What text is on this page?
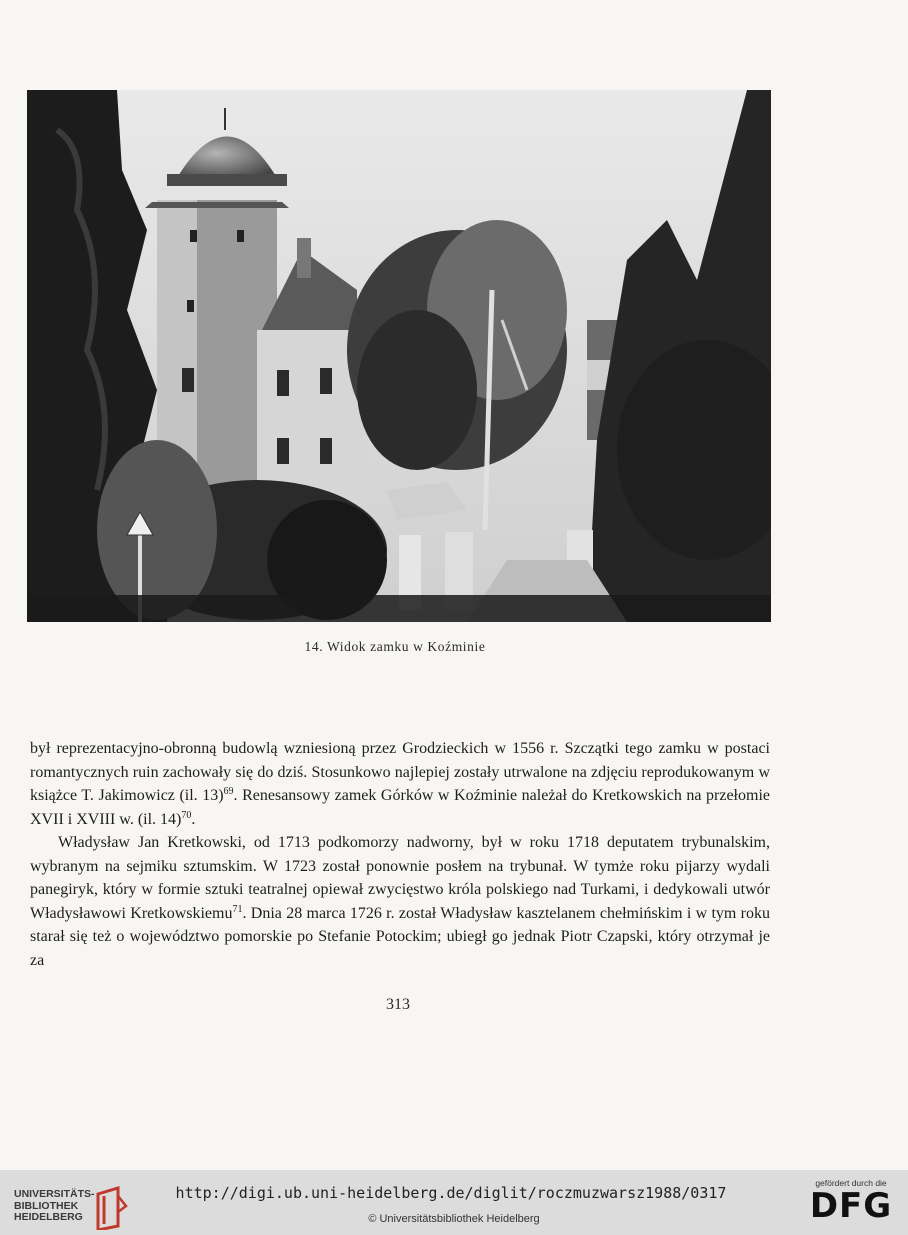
14. Widok zamku w Koźminie

był reprezentacyjno-obronną budowlą wzniesioną przez Grodzieckich w 1556 r. Szczątki tego zamku w postaci romantycznych ruin zachowały się do dziś. Stosunkowo najlepiej zostały utrwalone na zdjęciu reprodukowanym w książce T. Jakimowicz (il. 13)$^{69}$. Renesansowy zamek Górków w Koźminie należał do Kretkowskich na przełomie XVII i XVIII w. (il. 14)$^{70}$.

Władysław Jan Kretkowski, od 1713 podkomorzy nadworny, był w roku 1718 deputatem trybunalskim, wybranym na sejmiku sztumskim. W 1723 został ponownie posłem na trybunał. W tymże roku pijarzy wydali panegiryk, który w formie sztuki teatralnej opiewał zwycięstwo króla polskiego nad Turkami, i dedykowali utwór Władysławowi Kretkowskiemu$^{71}$. Dnia 28 marca 1726 r. został Władysław kasztelanem chełmińskim i w tym roku starał się też o województwo pomorskie po Stefanie Potockim; ubiegł go jednak Piotr Czapski, który otrzymał je za

313
UNIVERSITÄTS-
BIBLIOTHEK
HEIDELBERG
http://digi.ub.uni-heidelberg.de/diglit/roczmuzwarsz1988/0317
© Universitätsbibliothek Heidelberg
gefördert durch die
DFG
